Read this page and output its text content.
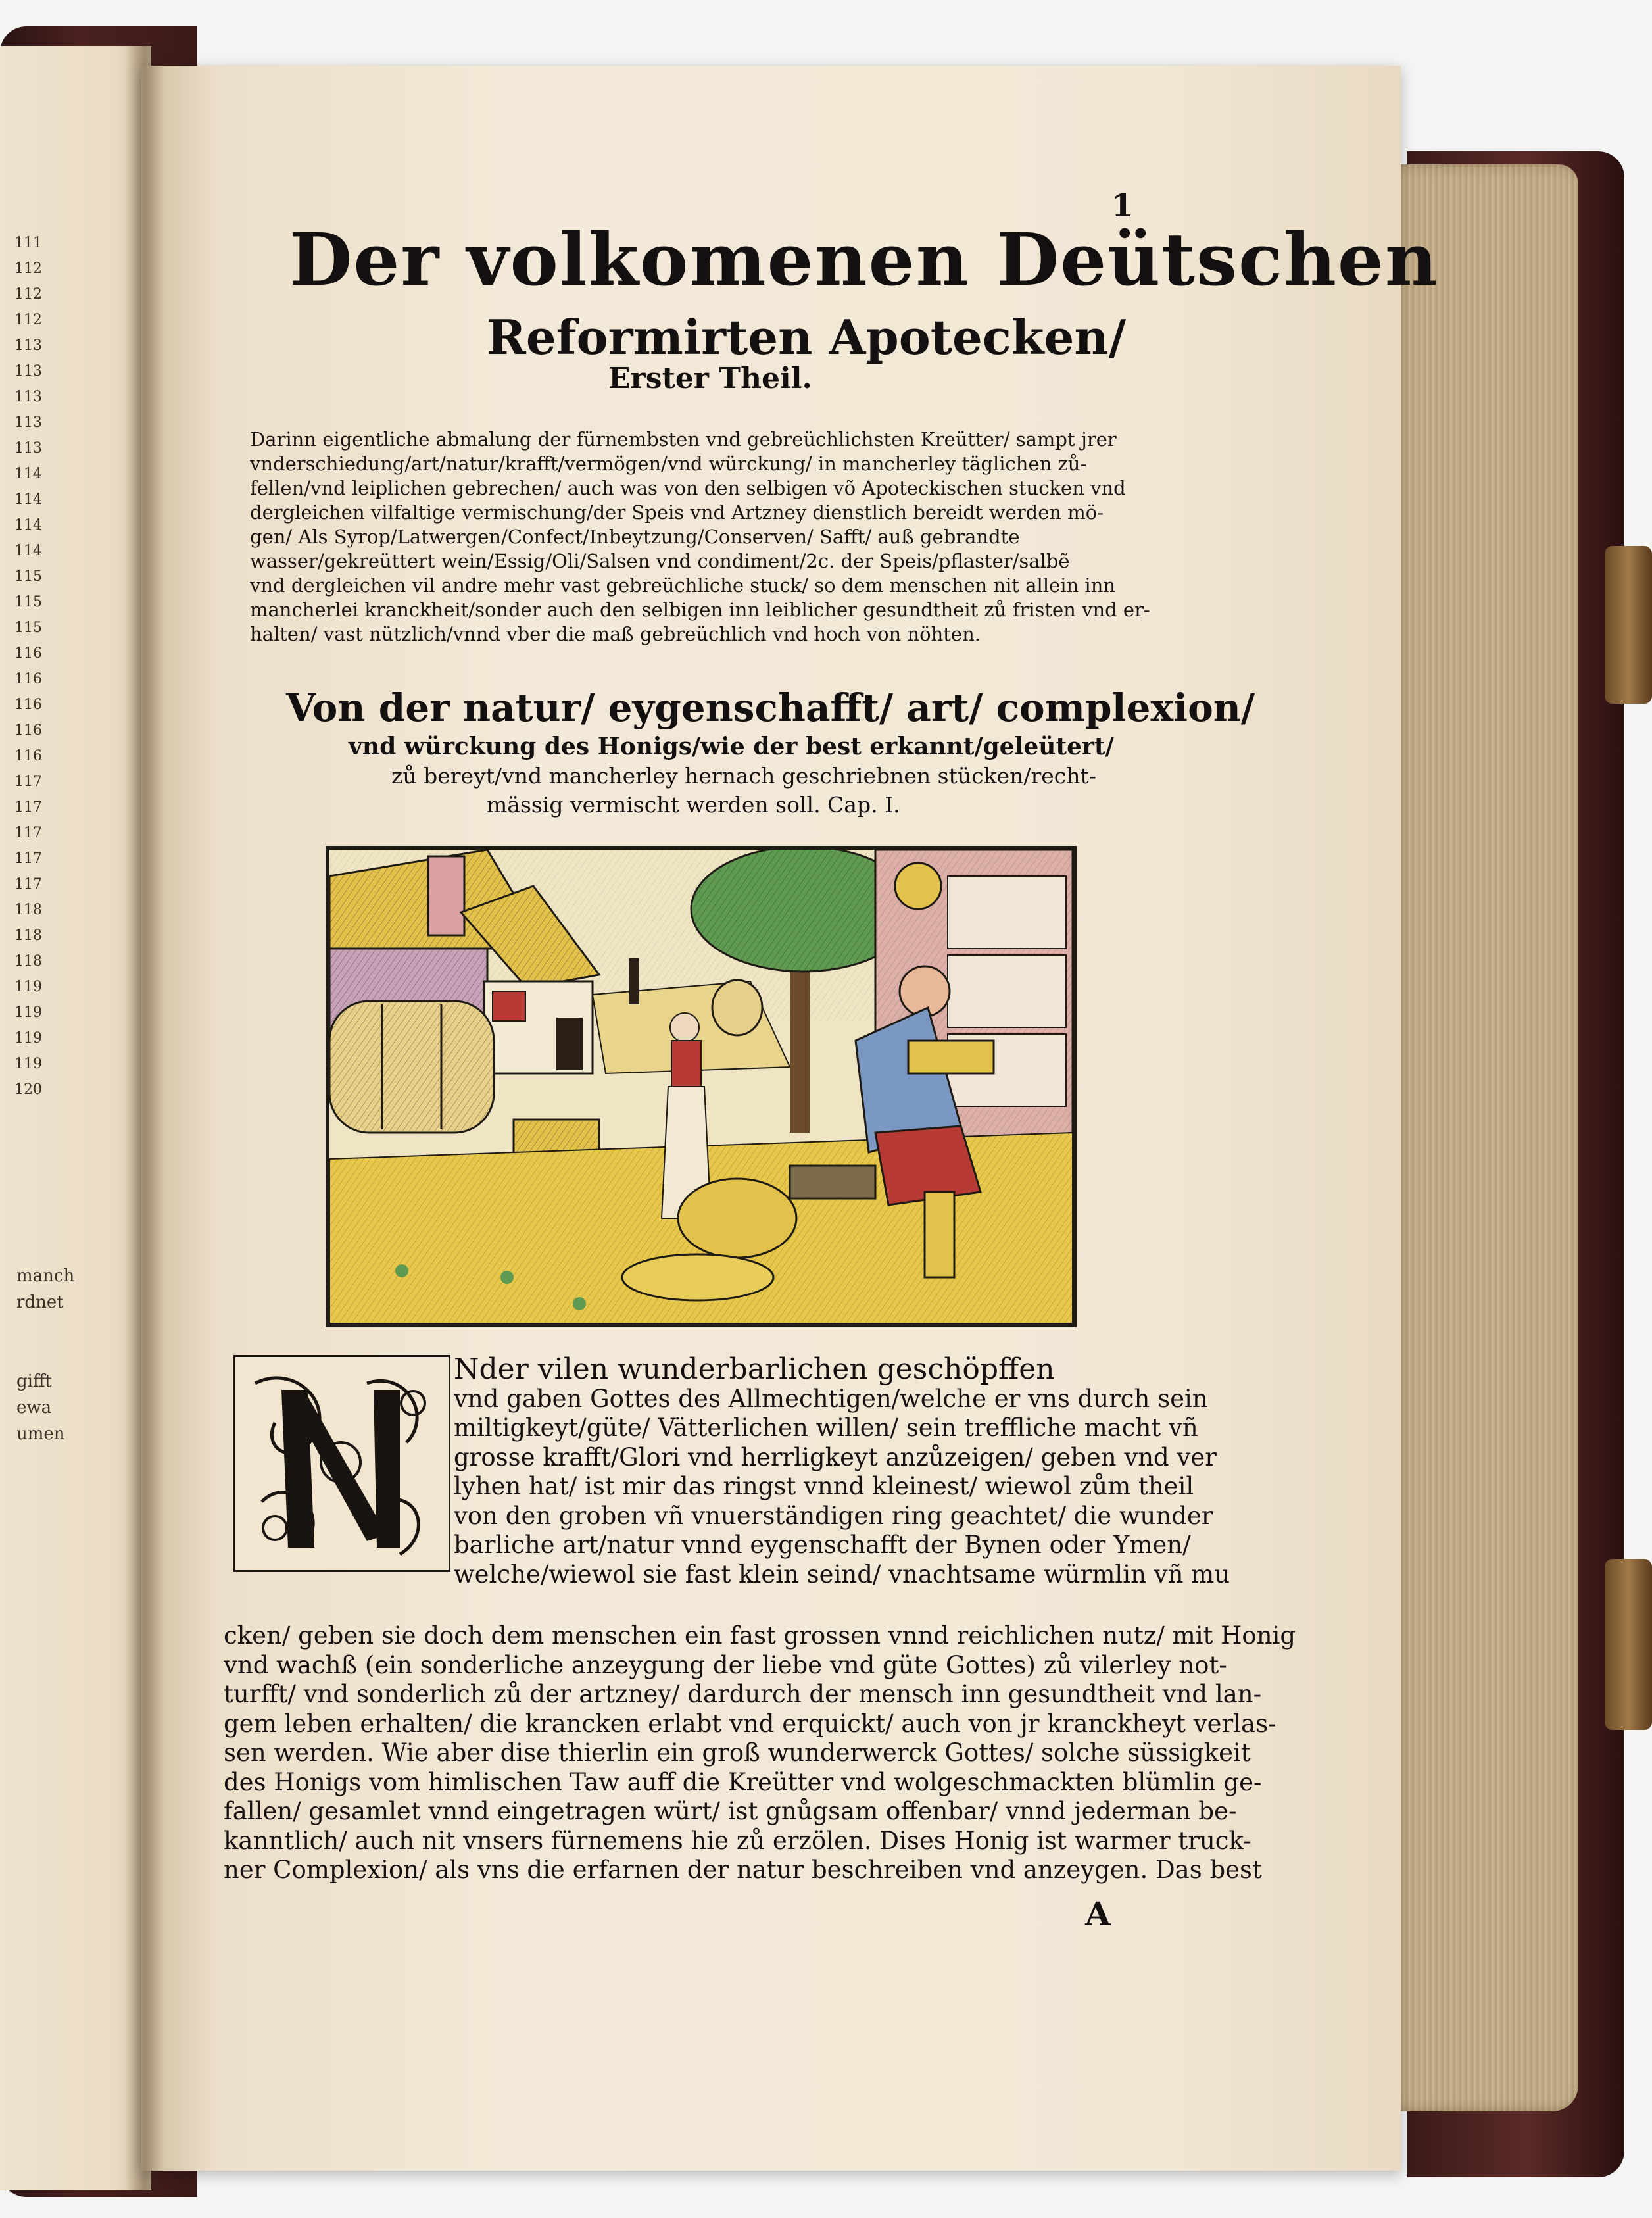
111
112
112
112
113
113
113
113
113
114
114
114
114
115
115
115
116
116
116
116
116
117
117
117
117
117
118
118
118
119
119
119
119
120
manch
rdnet

gifft
ewa
umen
1
Der volkomenen Deütschen
Reformirten Apotecken/
Erster Theil.
Darinn eigentliche abmalung der fürnembsten vnd gebreüchlichsten Kreütter/ sampt jrer
vnderschiedung/art/natur/krafft/vermögen/vnd würckung/ in mancherley täglichen zů-
fellen/vnd leiplichen gebrechen/ auch was von den selbigen võ Apoteckischen stucken vnd
dergleichen vilfaltige vermischung/der Speis vnd Artzney dienstlich bereidt werden mö-
gen/ Als Syrop/Latwergen/Confect/Inbeytzung/Conserven/ Safft/ auß gebrandte
wasser/gekreüttert wein/Essig/Oli/Salsen vnd condiment/2c. der Speis/pflaster/salbẽ
vnd dergleichen vil andre mehr vast gebreüchliche stuck/ so dem menschen nit allein inn
mancherlei kranckheit/sonder auch den selbigen inn leiblicher gesundtheit zů fristen vnd er-
halten/ vast nützlich/vnnd vber die maß gebreüchlich vnd hoch von nöhten.
Von der natur/ eygenschafft/ art/ complexion/
vnd würckung des Honigs/wie der best erkannt/geleütert/
zů bereyt/vnd mancherley hernach geschriebnen stücken/recht-
mässig vermischt werden soll. Cap. I.
Nder vilen wunderbarlichen geschöpffen
vnd gaben Gottes des Allmechtigen/welche er vns durch sein
miltigkeyt/güte/ Vätterlichen willen/ sein treffliche macht vñ
grosse krafft/Glori vnd herrligkeyt anzůzeigen/ geben vnd ver
lyhen hat/ ist mir das ringst vnnd kleinest/ wiewol zům theil
von den groben vñ vnuerständigen ring geachtet/ die wunder
barliche art/natur vnnd eygenschafft der Bynen oder Ymen/
welche/wiewol sie fast klein seind/ vnachtsame würmlin vñ mu
cken/ geben sie doch dem menschen ein fast grossen vnnd reichlichen nutz/ mit Honig
vnd wachß (ein sonderliche anzeygung der liebe vnd güte Gottes) zů vilerley not-
turfft/ vnd sonderlich zů der artzney/ dardurch der mensch inn gesundtheit vnd lan-
gem leben erhalten/ die krancken erlabt vnd erquickt/ auch von jr kranckheyt verlas-
sen werden. Wie aber dise thierlin ein groß wunderwerck Gottes/ solche süssigkeit
des Honigs vom himlischen Taw auff die Kreütter vnd wolgeschmackten blümlin ge-
fallen/ gesamlet vnnd eingetragen würt/ ist gnůgsam offenbar/ vnnd jederman be-
kanntlich/ auch nit vnsers fürnemens hie zů erzölen. Dises Honig ist warmer truck-
ner Complexion/ als vns die erfarnen der natur beschreiben vnd anzeygen. Das best
A
